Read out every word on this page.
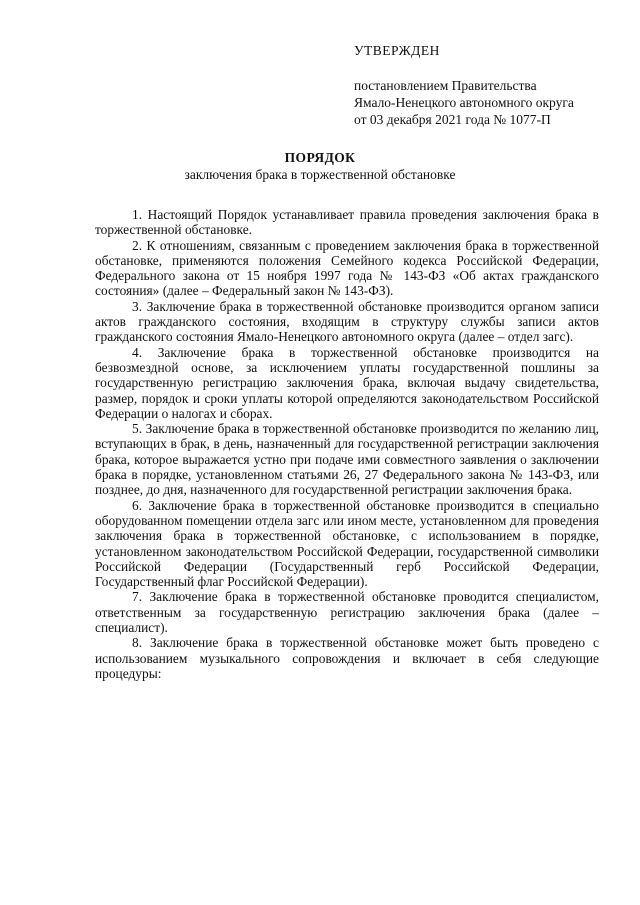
УТВЕРЖДЕН
постановлением Правительства
Ямало-Ненецкого автономного округа
от 03 декабря 2021 года № 1077-П
ПОРЯДОК
заключения брака в торжественной обстановке

1. Настоящий Порядок устанавливает правила проведения заключения брака в торжественной обстановке.

2. К отношениям, связанным с проведением заключения брака в торжественной обстановке, применяются положения Семейного кодекса Российской Федерации, Федерального закона от 15 ноября 1997 года № 143-ФЗ «Об актах гражданского состояния» (далее – Федеральный закон № 143-ФЗ).

3. Заключение брака в торжественной обстановке производится органом записи актов гражданского состояния, входящим в структуру службы записи актов гражданского состояния Ямало-Ненецкого автономного округа (далее – отдел загс).

4. Заключение брака в торжественной обстановке производится на безвозмездной основе, за исключением уплаты государственной пошлины за государственную регистрацию заключения брака, включая выдачу свидетельства, размер, порядок и сроки уплаты которой определяются законодательством Российской Федерации о налогах и сборах.

5. Заключение брака в торжественной обстановке производится по желанию лиц, вступающих в брак, в день, назначенный для государственной регистрации заключения брака, которое выражается устно при подаче ими совместного заявления о заключении брака в порядке, установленном статьями 26, 27 Федерального закона № 143-ФЗ, или позднее, до дня, назначенного для государственной регистрации заключения брака.

6. Заключение брака в торжественной обстановке производится в специально оборудованном помещении отдела загс или ином месте, установленном для проведения заключения брака в торжественной обстановке, с использованием в порядке, установленном законодательством Российской Федерации, государственной символики Российской Федерации (Государственный герб Российской Федерации, Государственный флаг Российской Федерации).

7. Заключение брака в торжественной обстановке проводится специалистом, ответственным за государственную регистрацию заключения брака (далее – специалист).

8. Заключение брака в торжественной обстановке может быть проведено с использованием музыкального сопровождения и включает в себя следующие процедуры:
